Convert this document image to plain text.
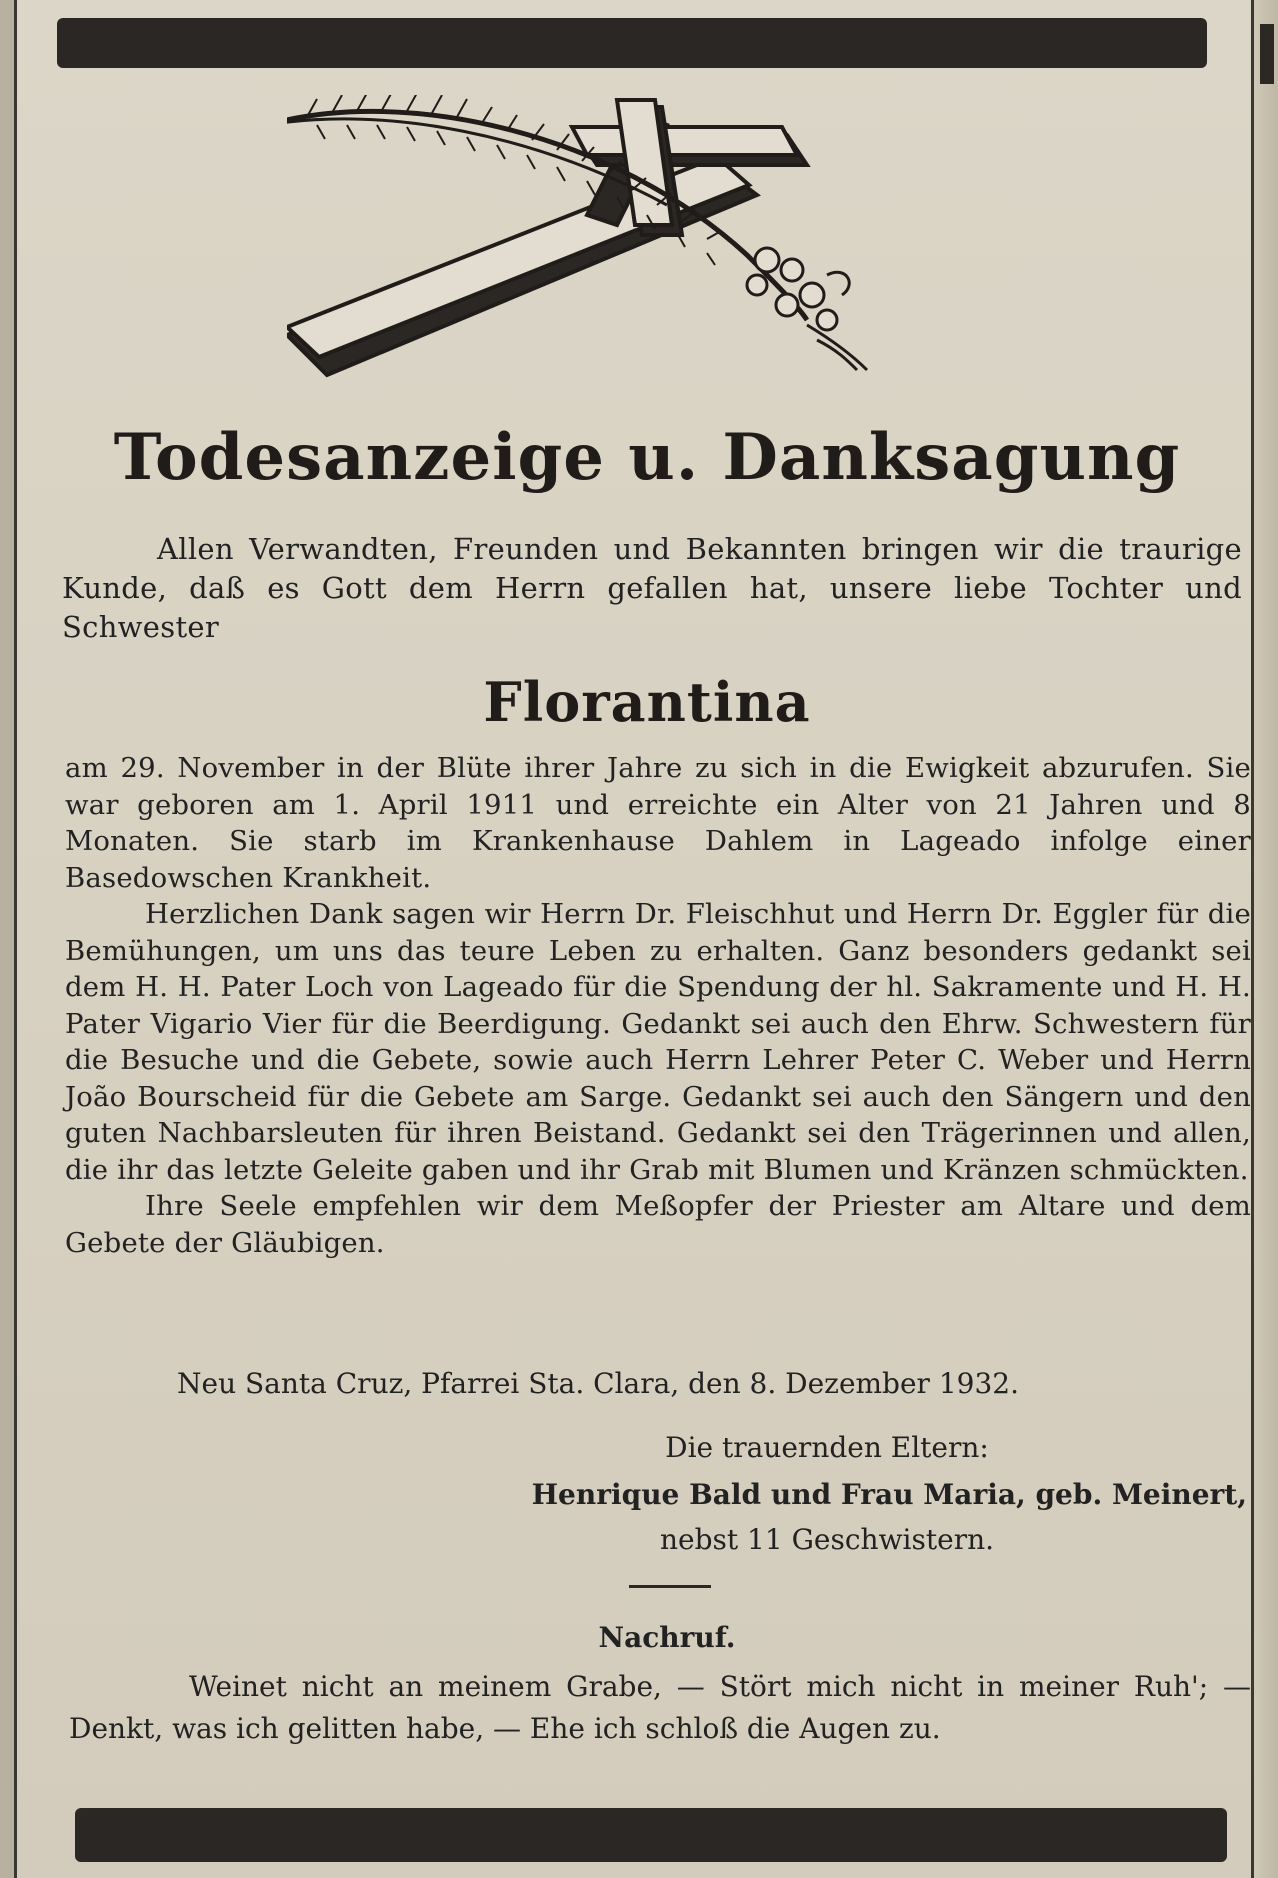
Todesanzeige u. Danksagung
Allen Verwandten, Freunden und Bekannten bringen wir die traurige Kunde, daß es Gott dem Herrn gefallen hat, unsere liebe Tochter und Schwester
Florantina

am 29. November in der Blüte ihrer Jahre zu sich in die Ewigkeit abzurufen. Sie war geboren am 1. April 1911 und erreichte ein Alter von 21 Jahren und 8 Monaten. Sie starb im Krankenhause Dahlem in Lageado infolge einer Basedowschen Krankheit.

Herzlichen Dank sagen wir Herrn Dr. Fleischhut und Herrn Dr. Eggler für die Bemühungen, um uns das teure Leben zu erhalten. Ganz besonders gedankt sei dem H. H. Pater Loch von Lageado für die Spendung der hl. Sakramente und H. H. Pater Vigario Vier für die Beerdigung. Gedankt sei auch den Ehrw. Schwestern für die Besuche und die Gebete, sowie auch Herrn Lehrer Peter C. Weber und Herrn João Bourscheid für die Gebete am Sarge. Gedankt sei auch den Sängern und den guten Nachbarsleuten für ihren Beistand. Gedankt sei den Trägerinnen und allen, die ihr das letzte Geleite gaben und ihr Grab mit Blumen und Kränzen schmückten.

Ihre Seele empfehlen wir dem Meßopfer der Priester am Altare und dem Gebete der Gläubigen.

Neu Santa Cruz, Pfarrei Sta. Clara, den 8. Dezember 1932.
Die trauernden Eltern:
Henrique Bald und Frau Maria, geb. Meinert,
nebst 11 Geschwistern.
Nachruf.
Weinet nicht an meinem Grabe, — Stört mich nicht in meiner Ruh'; — Denkt, was ich gelitten habe, — Ehe ich schloß die Augen zu.
